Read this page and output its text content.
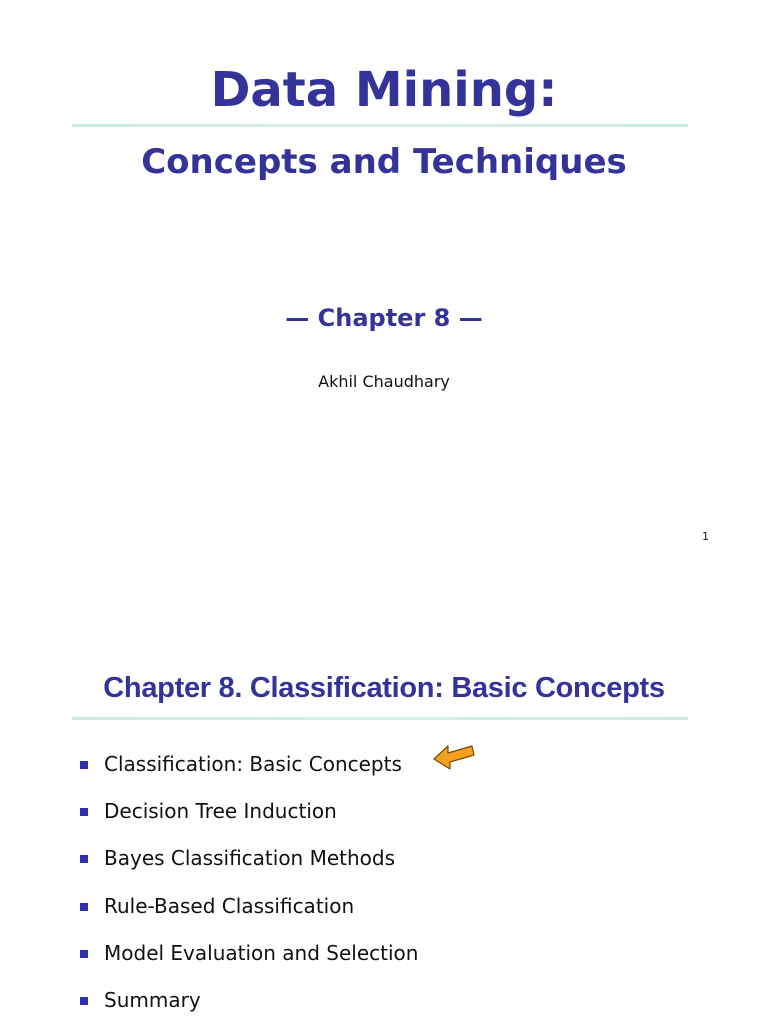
Data Mining:
Concepts and Techniques
— Chapter 8 —
Akhil Chaudhary
1
Chapter 8. Classification: Basic Concepts
Classification: Basic Concepts
Decision Tree Induction
Bayes Classification Methods
Rule-Based Classification
Model Evaluation and Selection
Summary
